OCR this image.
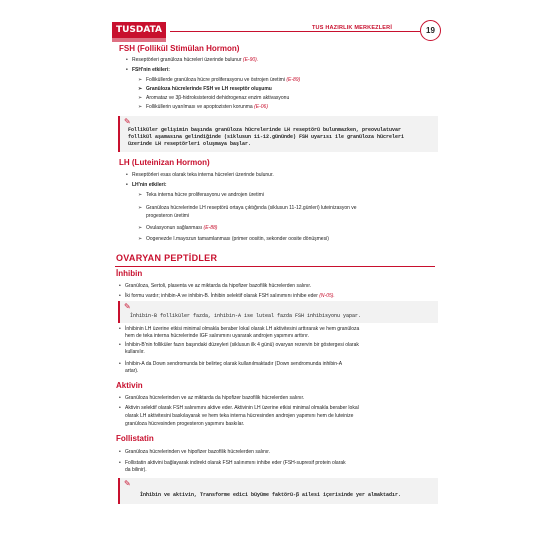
TUSDATA	TUS HAZIRLIK MERKEZLERİ	19
FSH (Follikül Stimülan Hormon)
• Reseptörleri granüloza hücreleri üzerinde bulunur (E-90).
• FSH'nin etkileri:
➢ Folliküllerde granüloza hücre proliferasyonu ve östrojen üretimi (E-89)
➢ Granüloza hücrelerinde FSH ve LH reseptör oluşumu
➢ Aromataz ve 3β-hidroksisteroid dehidrogenaz enzim aktivasyonu
➢ Folliküllerin uyarılması ve apoptozisten korunma (E-06)
✎
Folliküler gelişimin başında granüloza hücrelerinde LH reseptörü bulunmazken, preovulatuvar
follikül aşamasına gelindiğinde (siklusun 11-12.gününde) FSH uyarısı ile granüloza hücreleri
üzerinde LH reseptörleri oluşmaya başlar.
LH (Luteinizan Hormon)
• Reseptörleri esas olarak teka interna hücreleri üzerinde bulunur.
• LH'nin etkileri:
➢ Teka interna hücre proliferasyonu ve androjen üretimi
➢ Granüloza hücrelerinde LH reseptörü ortaya çıktığında (siklusun 11-12.günleri) luteinizasyon ve
progesteron üretimi
➢ Ovulasyonun sağlanması (E-88)
➢ Oogenezde I.mayozun tamamlanması (primer oositin, sekonder oosite dönüşmesi)
OVARYAN PEPTİDLER
İnhibin
• Granüloza, Sertoli, plasenta ve az miktarda da hipofizer bazofilik hücrelerden salınır.
• İki formu vardır; inhibin-A ve inhibin-B. İnhibin selektif olarak FSH salınımını inhibe eder (N-05).
✎
İnhibin-B folliküler fazda, inhibin-A ise luteal fazda FSH inhibisyonu yapar.
• İnhibinin LH üzerine etkisi minimal olmakla beraber lokal olarak LH aktivitesini arttırarak ve hem granüloza
hem de teka interna hücrelerinde IGF salınımını uyararak androjen yapımını arttırır.
• İnhibin-B'nin folliküler fazın başındaki düzeyleri (siklusun ilk 4 günü) ovaryan rezervin bir göstergesi olarak
kullanılır.
• İnhibin-A da Down sendromunda bir belirteç olarak kullanılmaktadır (Down sendromunda inhibin-A
artar).
Aktivin
• Granüloza hücrelerinden ve az miktarda da hipofizer bazofilik hücrelerden salınır.
• Aktivin selektif olarak FSH salınımını aktive eder. Aktivinin LH üzerine etkisi minimal olmakla beraber lokal
olarak LH aktivitesini baskılayarak ve hem teka interna hücresinden androjen yapımını hem de luteinize
granüloza hücresinden progesteron yapımını baskılar.
Follistatin
• Granüloza hücrelerinden ve hipofizer bazofilik hücrelerden salınır.
• Follistatin aktivini bağlayarak indirekt olarak FSH salınımını inhibe eder (FSH-supresif protein olarak
da bilinir).
✎
İnhibin ve aktivin, Transforme edici büyüme faktörü-β ailesi içerisinde yer almaktadır.
